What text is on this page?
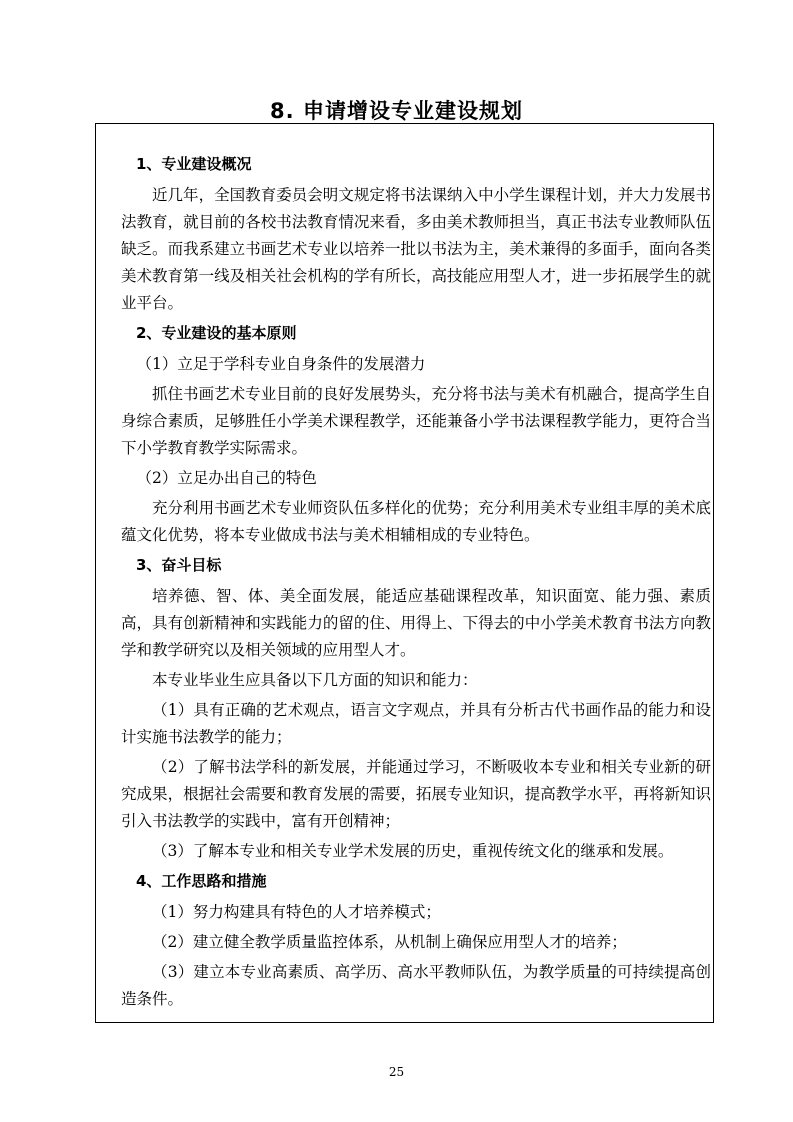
8. 申请增设专业建设规划
1、专业建设概况

近几年，全国教育委员会明文规定将书法课纳入中小学生课程计划，并大力发展书法教育，就目前的各校书法教育情况来看，多由美术教师担当，真正书法专业教师队伍缺乏。而我系建立书画艺术专业以培养一批以书法为主，美术兼得的多面手，面向各类美术教育第一线及相关社会机构的学有所长，高技能应用型人才，进一步拓展学生的就业平台。

2、专业建设的基本原则

（1）立足于学科专业自身条件的发展潜力

抓住书画艺术专业目前的良好发展势头，充分将书法与美术有机融合，提高学生自身综合素质，足够胜任小学美术课程教学，还能兼备小学书法课程教学能力，更符合当下小学教育教学实际需求。

（2）立足办出自己的特色

充分利用书画艺术专业师资队伍多样化的优势；充分利用美术专业组丰厚的美术底蕴文化优势，将本专业做成书法与美术相辅相成的专业特色。

3、奋斗目标

培养德、智、体、美全面发展，能适应基础课程改革，知识面宽、能力强、素质高，具有创新精神和实践能力的留的住、用得上、下得去的中小学美术教育书法方向教学和教学研究以及相关领域的应用型人才。

本专业毕业生应具备以下几方面的知识和能力：

（1）具有正确的艺术观点，语言文字观点，并具有分析古代书画作品的能力和设计实施书法教学的能力；

（2）了解书法学科的新发展，并能通过学习，不断吸收本专业和相关专业新的研究成果，根据社会需要和教育发展的需要，拓展专业知识，提高教学水平，再将新知识引入书法教学的实践中，富有开创精神；

（3）了解本专业和相关专业学术发展的历史，重视传统文化的继承和发展。

4、工作思路和措施

（1）努力构建具有特色的人才培养模式；

（2）建立健全教学质量监控体系，从机制上确保应用型人才的培养；

（3）建立本专业高素质、高学历、高水平教师队伍，为教学质量的可持续提高创造条件。

25
